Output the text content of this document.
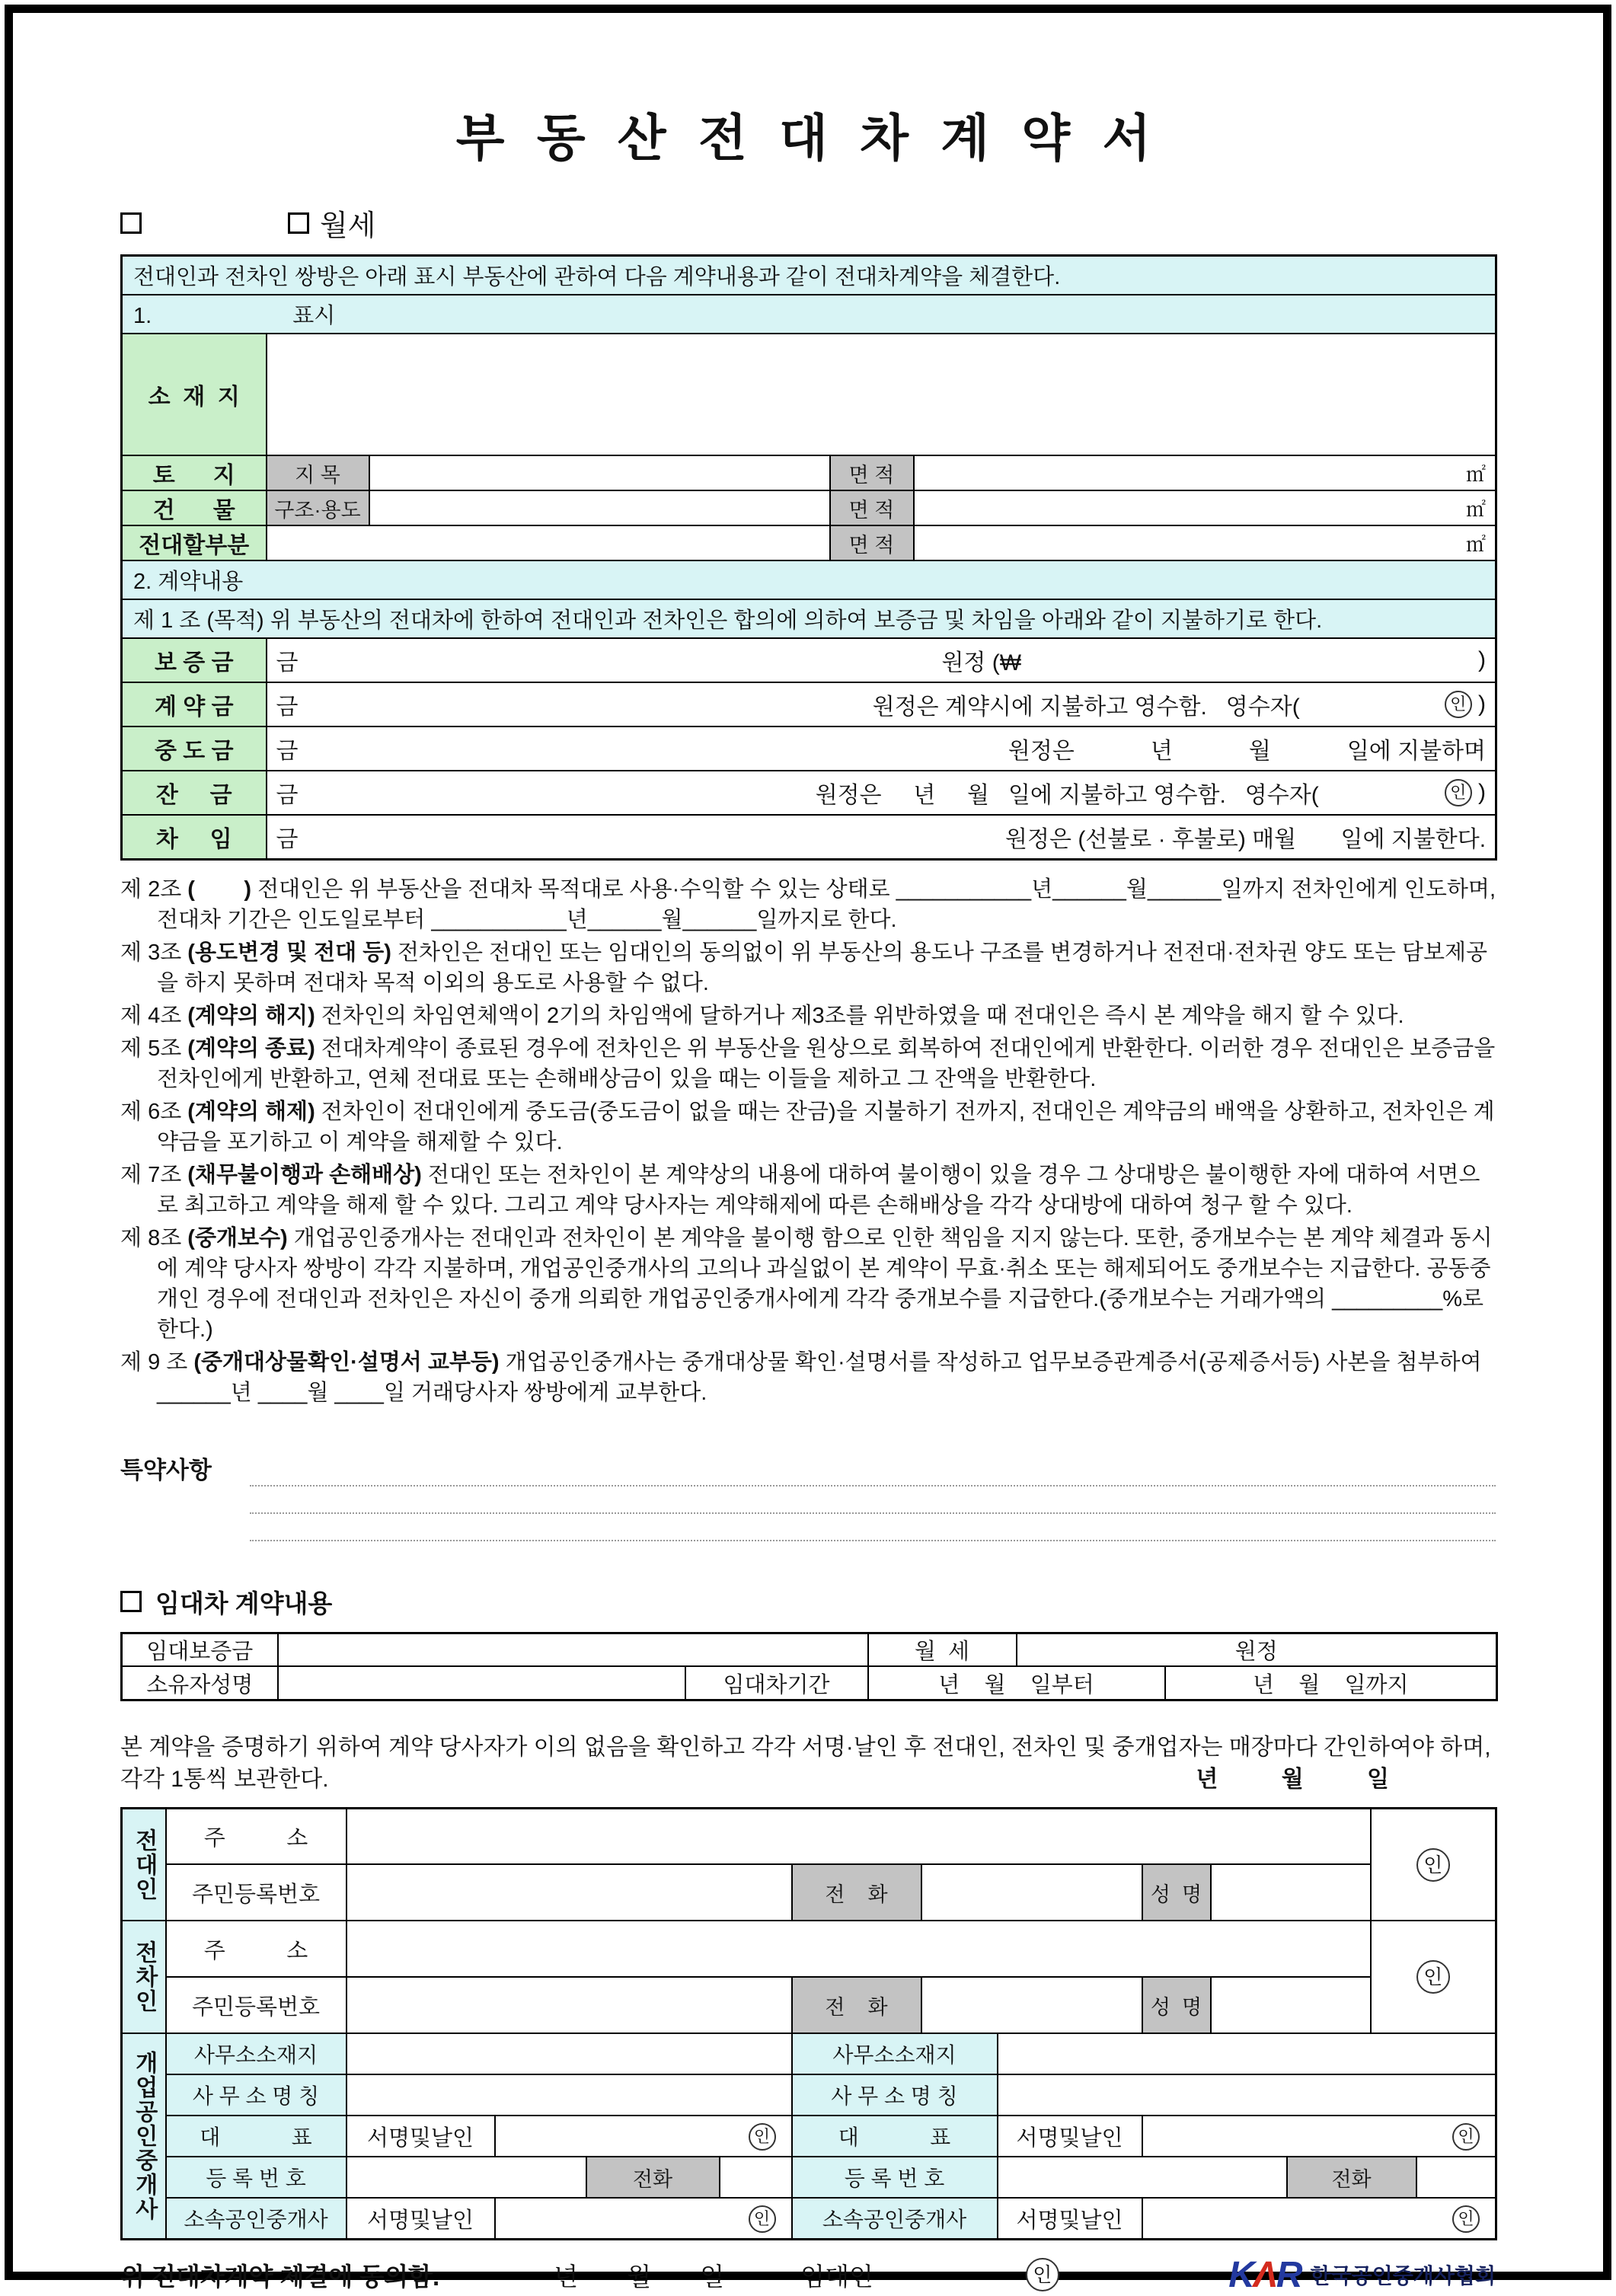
부 동 산 전 대 차 계 약 서
월세
전대인과 전차인 쌍방은 아래 표시 부동산에 관하여 다음 계약내용과 같이 전대차계약을 체결한다.				
1. 표시				
소  재  지				
토      지	지 목		면 적	㎡
건      물	구조·용도		면 적	㎡
전대할부분			면 적	㎡
2. 계약내용				
제 1 조 (목적) 위 부동산의 전대차에 한하여 전대인과 전차인은 합의에 의하여 보증금 및 차임을 아래와 같이 지불하기로 한다.				
보 증 금	금 원정 (₩ )			

계 약 금	금 원정은 계약시에 지불하고 영수함.   영수자( 인 )			

중 도 금	금 원정은            년            월            일에 지불하며			

잔     금	금 원정은     년     월   일에 지불하고 영수함.   영수자( 인 )			

차     임	금 원정은 (선불로 · 후불로) 매월       일에 지불한다.			
제 2조 (        ) 전대인은 위 부동산을 전대차 목적대로 사용·수익할 수 있는 상태로 ___________년______월______일까지 전차인에게 인도하며, 전대차 기간은 인도일로부터 ___________년______월______일까지로 한다.
제 3조 (용도변경 및 전대 등) 전차인은 전대인 또는 임대인의 동의없이 위 부동산의 용도나 구조를 변경하거나 전전대·전차권 양도 또는 담보제공을 하지 못하며 전대차 목적 이외의 용도로 사용할 수 없다.
제 4조 (계약의 해지) 전차인의 차임연체액이 2기의 차임액에 달하거나 제3조를 위반하였을 때 전대인은 즉시 본 계약을 해지 할 수 있다.
제 5조 (계약의 종료) 전대차계약이 종료된 경우에 전차인은 위 부동산을 원상으로 회복하여 전대인에게 반환한다. 이러한 경우 전대인은 보증금을 전차인에게 반환하고, 연체 전대료 또는 손해배상금이 있을 때는 이들을 제하고 그 잔액을 반환한다.
제 6조 (계약의 해제) 전차인이 전대인에게 중도금(중도금이 없을 때는 잔금)을 지불하기 전까지, 전대인은 계약금의 배액을 상환하고, 전차인은 계약금을 포기하고 이 계약을 해제할 수 있다.
제 7조 (채무불이행과 손해배상) 전대인 또는 전차인이 본 계약상의 내용에 대하여 불이행이 있을 경우 그 상대방은 불이행한 자에 대하여 서면으로 최고하고 계약을 해제 할 수 있다. 그리고 계약 당사자는 계약해제에 따른 손해배상을 각각 상대방에 대하여 청구 할 수 있다.
제 8조 (중개보수) 개업공인중개사는 전대인과 전차인이 본 계약을 불이행 함으로 인한 책임을 지지 않는다. 또한, 중개보수는 본 계약 체결과 동시에 계약 당사자 쌍방이 각각 지불하며, 개업공인중개사의 고의나 과실없이 본 계약이 무효·취소 또는 해제되어도 중개보수는 지급한다. 공동중개인 경우에 전대인과 전차인은 자신이 중개 의뢰한 개업공인중개사에게 각각 중개보수를 지급한다.(중개보수는 거래가액의 _________%로 한다.)
제 9 조 (중개대상물확인·설명서 교부등) 개업공인중개사는 중개대상물 확인·설명서를 작성하고 업무보증관계증서(공제증서등) 사본을 첨부하여 ______년 ____월 ____일 거래당사자 쌍방에게 교부한다.
특약사항
임대차 계약내용
임대보증금			월  세	원정	
소유자성명		임대차기간	년    월    일부터		년    월    일까지
본 계약을 증명하기 위하여 계약 당사자가 이의 없음을 확인하고 각각 서명·날인 후 전대인, 전차인 및 중개업자는 매장마다 간인하여야 하며, 각각 1통씩 보관한다.	년          월          일
전대인	주          소											인	

	주민등록번호					전    화			성  명				
전차인	주          소											인	

	주민등록번호					전    화			성  명				
개업공인중개사	사무소소재지					사무소소재지							
	사 무 소 명 칭					사 무 소 명 칭							
	대            표	서명및날인	인			대            표		서명및날인	인				

	등 록 번 호			전화		등 록 번 호					전화		
	소속공인중개사	서명및날인	인			소속공인중개사		서명및날인	인				
위 전대차계약 체결에 동의함.	년       월       일	임대인	인	KΛR 한국공인중개사협회
